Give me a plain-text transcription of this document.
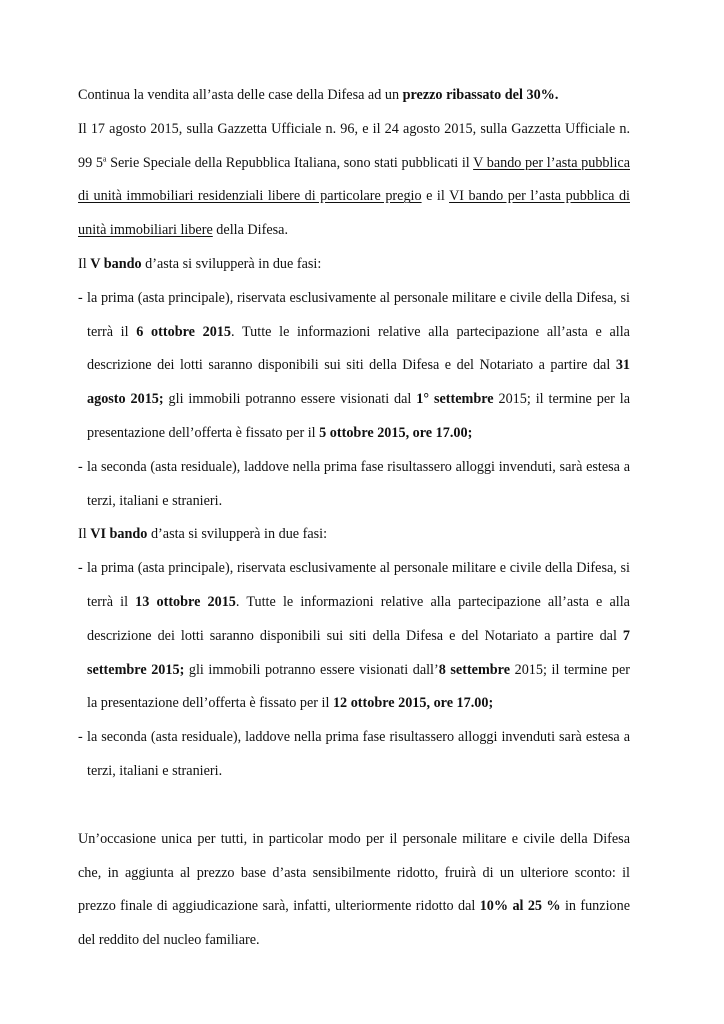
Continua la vendita all’asta delle case della Difesa ad un prezzo ribassato del 30%.

Il 17 agosto 2015, sulla Gazzetta Ufficiale n. 96, e il 24 agosto 2015, sulla Gazzetta Ufficiale n. 99 5$^a$ Serie Speciale della Repubblica Italiana, sono stati pubblicati il V bando per l’asta pubblica di unità immobiliari residenziali libere di particolare pregio e il VI bando per l’asta pubblica di unità immobiliari libere della Difesa.

Il V bando d’asta si svilupperà in due fasi:

- la prima (asta principale), riservata esclusivamente al personale militare e civile della Difesa, si terrà il 6 ottobre 2015. Tutte le informazioni relative alla partecipazione all’asta e alla descrizione dei lotti saranno disponibili sui siti della Difesa e del Notariato a partire dal 31 agosto 2015; gli immobili potranno essere visionati dal 1° settembre 2015; il termine per la presentazione dell’offerta è fissato per il 5 ottobre 2015, ore 17.00;

- la seconda (asta residuale), laddove nella prima fase risultassero alloggi invenduti, sarà estesa a terzi, italiani e stranieri.

Il VI bando d’asta si svilupperà in due fasi:

- la prima (asta principale), riservata esclusivamente al personale militare e civile della Difesa, si terrà il 13 ottobre 2015. Tutte le informazioni relative alla partecipazione all’asta e alla descrizione dei lotti saranno disponibili sui siti della Difesa e del Notariato a partire dal 7 settembre 2015; gli immobili potranno essere visionati dall’8 settembre 2015; il termine per la presentazione dell’offerta è fissato per il 12 ottobre 2015, ore 17.00;

- la seconda (asta residuale), laddove nella prima fase risultassero alloggi invenduti sarà estesa a terzi, italiani e stranieri.

Un’occasione unica per tutti, in particolar modo per il personale militare e civile della Difesa che, in aggiunta al prezzo base d’asta sensibilmente ridotto, fruirà di un ulteriore sconto: il prezzo finale di aggiudicazione sarà, infatti, ulteriormente ridotto dal 10% al 25 % in funzione del reddito del nucleo familiare.
